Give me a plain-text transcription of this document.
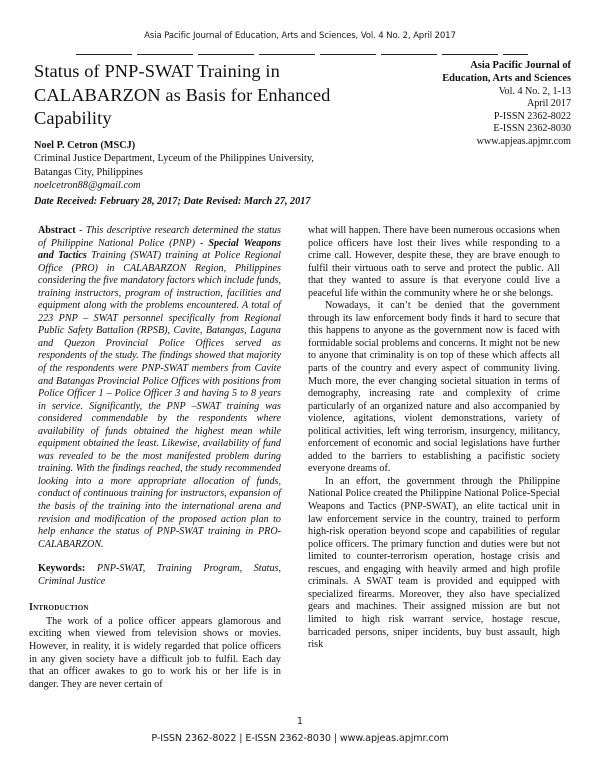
Asia Pacific Journal of Education, Arts and Sciences, Vol. 4 No. 2, April 2017
Status of PNP-SWAT Training in CALABARZON as Basis for Enhanced Capability
Asia Pacific Journal of
Education, Arts and Sciences
Vol. 4 No. 2, 1-13
April 2017
P-ISSN 2362-8022
E-ISSN 2362-8030
www.apjeas.apjmr.com
Noel P. Cetron (MSCJ)
Criminal Justice Department, Lyceum of the Philippines University,
Batangas City, Philippines
noelcetron88@gmail.com
Date Received: February 28, 2017; Date Revised: March 27, 2017

Abstract - This descriptive research determined the status of Philippine National Police (PNP) - Special Weapons and Tactics Training (SWAT) training at Police Regional Office (PRO) in CALABARZON Region, Philippines considering the five mandatory factors which include funds, training instructors, program of instruction, facilities and equipment along with the problems encountered. A total of 223 PNP – SWAT personnel specifically from Regional Public Safety Battalion (RPSB), Cavite, Batangas, Laguna and Quezon Provincial Police Offices served as respondents of the study. The findings showed that majority of the respondents were PNP-SWAT members from Cavite and Batangas Provincial Police Offices with positions from Police Officer 1 – Police Officer 3 and having 5 to 8 years in service. Significantly, the PNP –SWAT training was considered commendable by the respondents where availability of funds obtained the highest mean while equipment obtained the least. Likewise, availability of fund was revealed to be the most manifested problem during training. With the findings reached, the study recommended looking into a more appropriate allocation of funds, conduct of continuous training for instructors, expansion of the basis of the training into the international arena and revision and modification of the proposed action plan to help enhance the status of PNP-SWAT training in PRO- CALABARZON.

Keywords: PNP-SWAT, Training Program, Status, Criminal Justice

Introduction

The work of a police officer appears glamorous and exciting when viewed from television shows or movies. However, in reality, it is widely regarded that police officers in any given society have a difficult job to fulfil. Each day that an officer awakes to go to work his or her life is in danger. They are never certain of

what will happen. There have been numerous occasions when police officers have lost their lives while responding to a crime call. However, despite these, they are brave enough to fulfil their virtuous oath to serve and protect the public. All that they wanted to assure is that everyone could live a peaceful life within the community where he or she belongs.

Nowadays, it can’t be denied that the government through its law enforcement body finds it hard to secure that this happens to anyone as the government now is faced with formidable social problems and concerns. It might not be new to anyone that criminality is on top of these which affects all parts of the country and every aspect of community living. Much more, the ever changing societal situation in terms of demography, increasing rate and complexity of crime particularly of an organized nature and also accompanied by violence, agitations, violent demonstrations, variety of political activities, left wing terrorism, insurgency, militancy, enforcement of economic and social legislations have further added to the barriers to establishing a pacifistic society everyone dreams of.

In an effort, the government through the Philippine National Police created the Philippine National Police-Special Weapons and Tactics (PNP-SWAT), an elite tactical unit in law enforcement service in the country, trained to perform high-risk operation beyond scope and capabilities of regular police officers. The primary function and duties were but not limited to counter-terrorism operation, hostage crisis and rescues, and engaging with heavily armed and high profile criminals. A SWAT team is provided and equipped with specialized firearms. Moreover, they also have specialized gears and machines. Their assigned mission are but not limited to high risk warrant service, hostage rescue, barricaded persons, sniper incidents, buy bust assault, high risk

1
P-ISSN 2362-8022 | E-ISSN 2362-8030 | www.apjeas.apjmr.com
